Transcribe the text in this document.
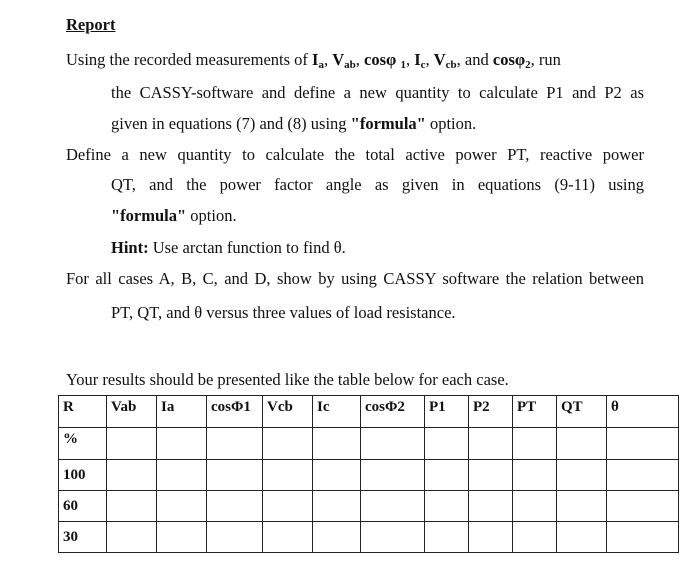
Report
Using the recorded measurements of Ia, Vab, cosφ 1, Ic, Vcb, and cosφ2, run
the CASSY-software and define a new quantity to calculate P1 and P2 as
given in equations (7) and (8) using "formula" option.
Define a new quantity to calculate the total active power PT, reactive power
QT, and the power factor angle as given in equations (9-11) using
"formula" option.
Hint: Use arctan function to find θ.
For all cases A, B, C, and D, show by using CASSY software the relation between
PT, QT, and θ versus three values of load resistance.
Your results should be presented like the table below for each case.
R	Vab	Ia	cosΦ1	Vcb	Ic	cosΦ2	P1	P2	PT	QT	θ
%											
100											
60											
30											
